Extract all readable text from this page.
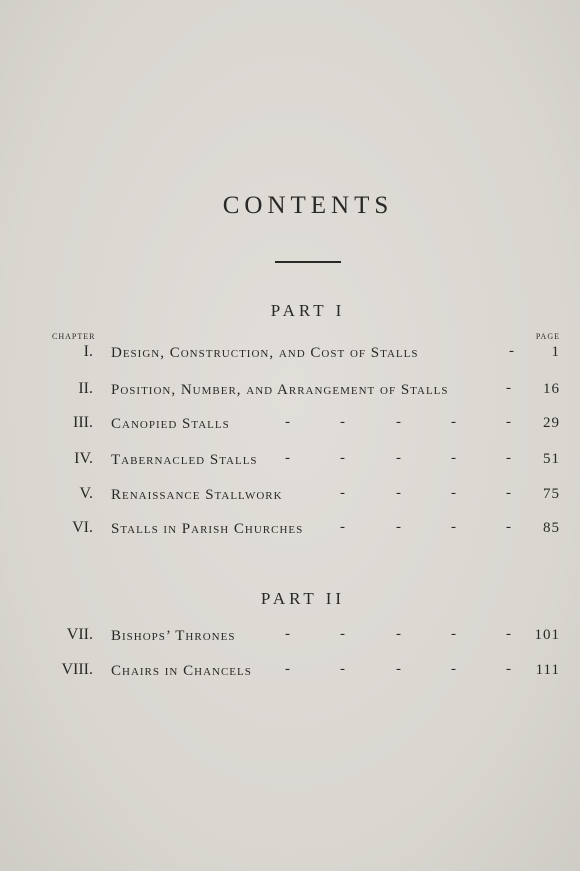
CONTENTS
PART I
CHAPTER	PAGE
I. Design, Construction, and Cost of Stalls	-	1
II. Position, Number, and Arrangement of Stalls	- 16
III. Canopied Stalls	-	-	-	-	- 29
IV. Tabernacled Stalls -	-	-	-	- 51
V. Renaissance Stallwork	-	-	-	- 75
VI. Stalls in Parish Churches -	-	-	- 85
PART II
VII. Bishops’ Thrones	-	-	-	-	- 101
VIII. Chairs in Chancels -	-	-	-	- 111
